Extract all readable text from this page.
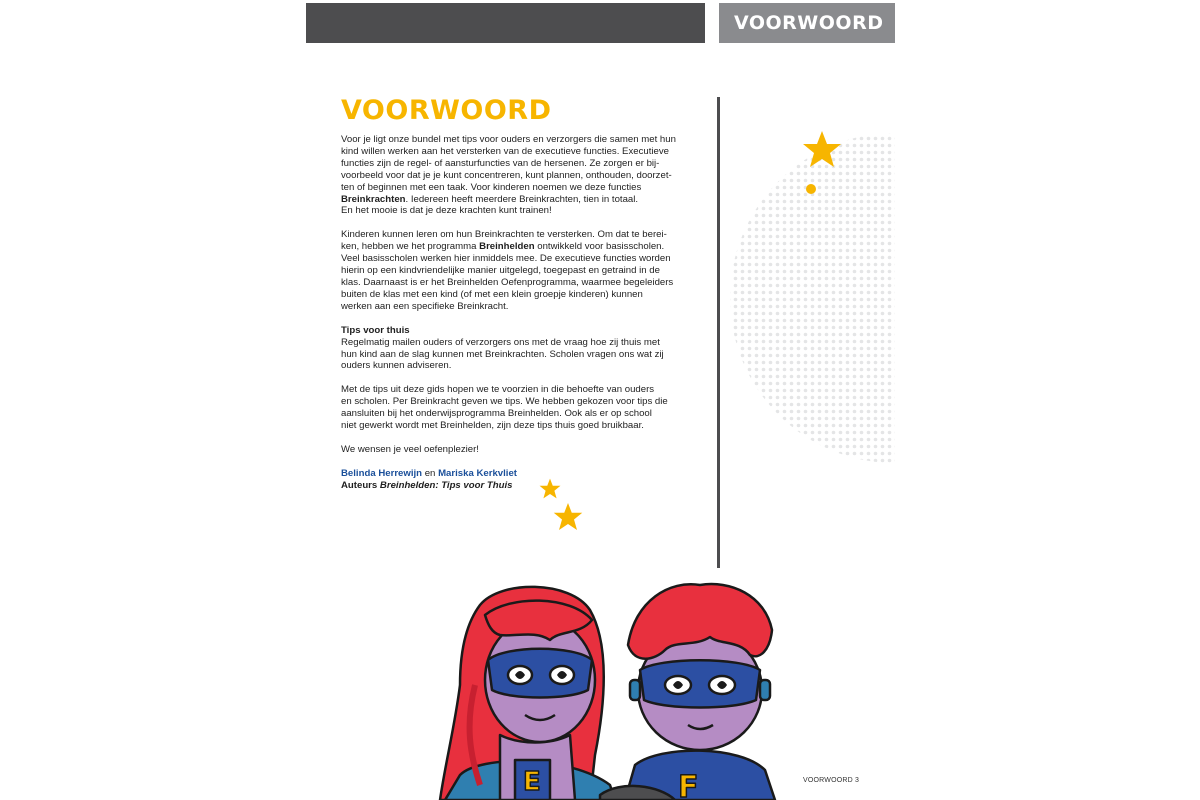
VOORWOORD
VOORWOORD

Voor je ligt onze bundel met tips voor ouders en verzorgers die samen met hun
kind willen werken aan het versterken van de executieve functies. Executieve
functies zijn de regel- of aansturfuncties van de hersenen. Ze zorgen er bij-
voorbeeld voor dat je je kunt concentreren, kunt plannen, onthouden, doorzet-
ten of beginnen met een taak. Voor kinderen noemen we deze functies
Breinkrachten. Iedereen heeft meerdere Breinkrachten, tien in totaal.
En het mooie is dat je deze krachten kunt trainen!

Kinderen kunnen leren om hun Breinkrachten te versterken. Om dat te berei-
ken, hebben we het programma Breinhelden ontwikkeld voor basisscholen.
Veel basisscholen werken hier inmiddels mee. De executieve functies worden
hierin op een kindvriendelijke manier uitgelegd, toegepast en getraind in de
klas. Daarnaast is er het Breinhelden Oefenprogramma, waarmee begeleiders
buiten de klas met een kind (of met een klein groepje kinderen) kunnen
werken aan een specifieke Breinkracht.

Tips voor thuis
Regelmatig mailen ouders of verzorgers ons met de vraag hoe zij thuis met
hun kind aan de slag kunnen met Breinkrachten. Scholen vragen ons wat zij
ouders kunnen adviseren.

Met de tips uit deze gids hopen we te voorzien in die behoefte van ouders
en scholen. Per Breinkracht geven we tips. We hebben gekozen voor tips die
aansluiten bij het onderwijsprogramma Breinhelden. Ook als er op school
niet gewerkt wordt met Breinhelden, zijn deze tips thuis goed bruikbaar.

We wensen je veel oefenplezier!

Belinda Herrewijn en Mariska Kerkvliet

Auteurs Breinhelden: Tips voor Thuis

E	F	VOORWOORD 3
